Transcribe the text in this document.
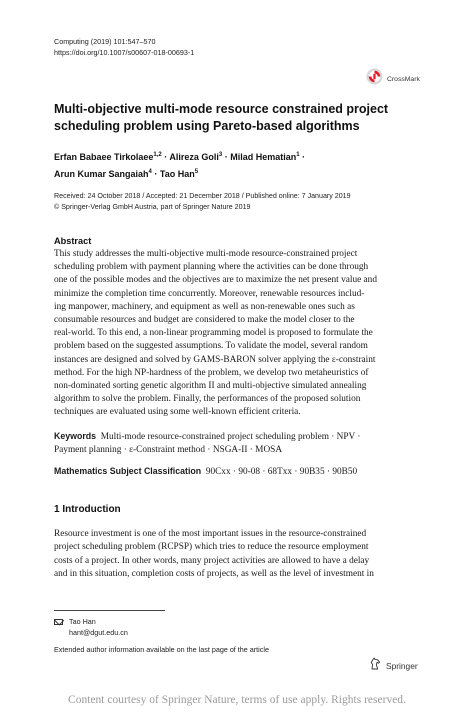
Computing (2019) 101:547–570
https://doi.org/10.1007/s00607-018-00693-1
CrossMark
Multi-objective multi-mode resource constrained project
scheduling problem using Pareto-based algorithms
Erfan Babaee Tirkolaee$^{1,2}$ · Alireza Goli$^3$ · Milad Hematian$^1$ ·
Arun Kumar Sangaiah$^4$ · Tao Han$^5$
Received: 24 October 2018 / Accepted: 21 December 2018 / Published online: 7 January 2019
© Springer-Verlag GmbH Austria, part of Springer Nature 2019
Abstract
This study addresses the multi-objective multi-mode resource-constrained project
scheduling problem with payment planning where the activities can be done through
one of the possible modes and the objectives are to maximize the net present value and
minimize the completion time concurrently. Moreover, renewable resources includ-
ing manpower, machinery, and equipment as well as non-renewable ones such as
consumable resources and budget are considered to make the model closer to the
real-world. To this end, a non-linear programming model is proposed to formulate the
problem based on the suggested assumptions. To validate the model, several random
instances are designed and solved by GAMS-BARON solver applying the ε-constraint
method. For the high NP-hardness of the problem, we develop two metaheuristics of
non-dominated sorting genetic algorithm II and multi-objective simulated annealing
algorithm to solve the problem. Finally, the performances of the proposed solution
techniques are evaluated using some well-known efficient criteria.
Keywords Multi-mode resource-constrained project scheduling problem · NPV ·
Payment planning · ε-Constraint method · NSGA-II · MOSA
Mathematics Subject Classification 90Cxx · 90-08 · 68Txx · 90B35 · 90B50
1 Introduction
Resource investment is one of the most important issues in the resource-constrained
project scheduling problem (RCPSP) which tries to reduce the resource employment
costs of a project. In other words, many project activities are allowed to have a delay
and in this situation, completion costs of projects, as well as the level of investment in
Tao Han
hant@dgut.edu.cn
Extended author information available on the last page of the article
Springer
Content courtesy of Springer Nature, terms of use apply. Rights reserved.
